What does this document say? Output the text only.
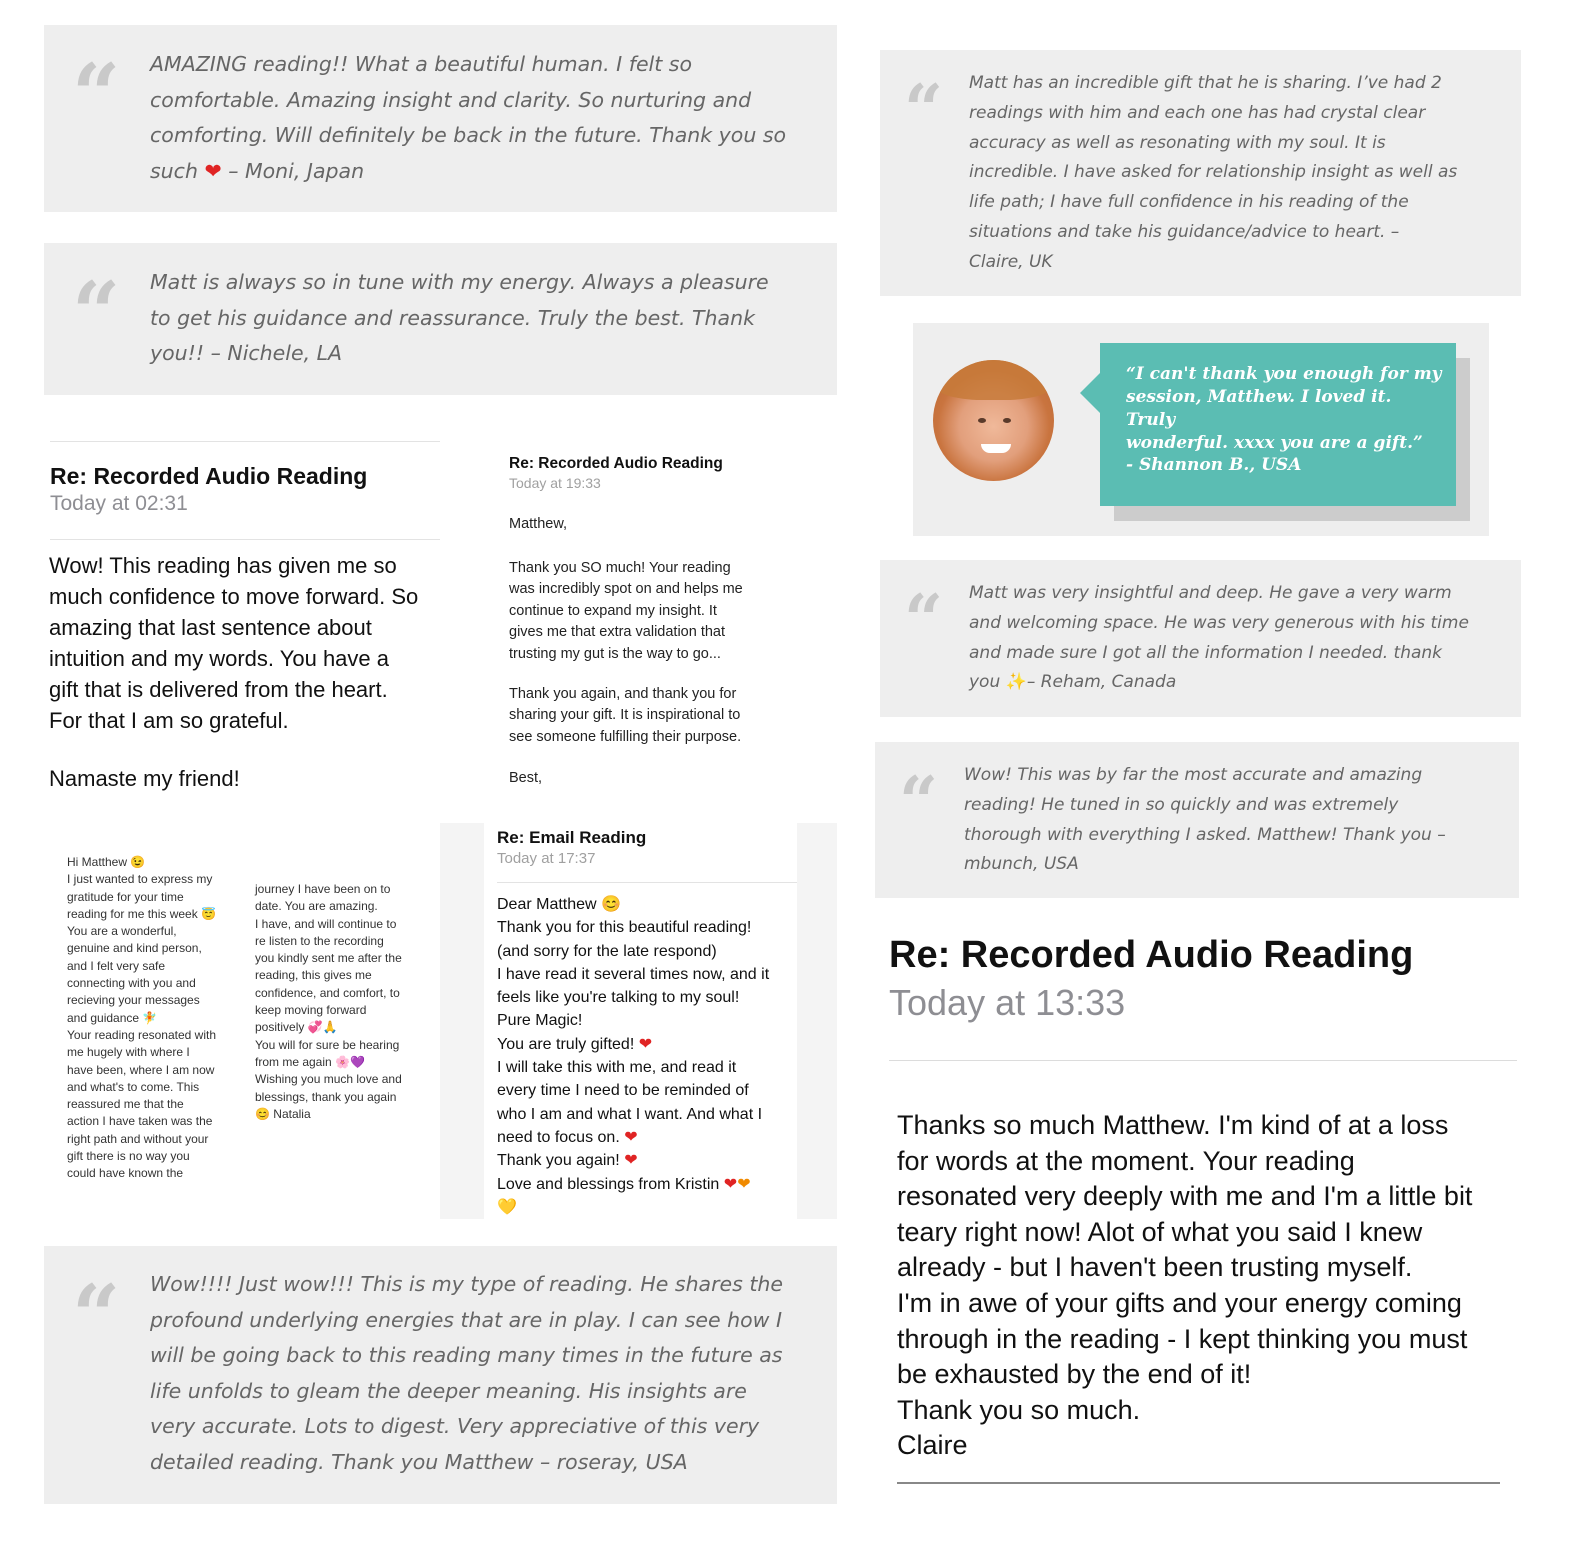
“ AMAZING reading!! What a beautiful human. I felt so
comfortable. Amazing insight and clarity. So nurturing and
comforting. Will definitely be back in the future. Thank you so
such ❤ – Moni, Japan
“ Matt is always so in tune with my energy. Always a pleasure
to get his guidance and reassurance. Truly the best. Thank
you!! – Nichele, LA
“ Matt has an incredible gift that he is sharing. I’ve had 2
readings with him and each one has had crystal clear
accuracy as well as resonating with my soul. It is
incredible. I have asked for relationship insight as well as
life path; I have full confidence in his reading of the
situations and take his guidance/advice to heart. –
Claire, UK
“I can't thank you enough for my
session, Matthew. I loved it. Truly
wonderful. xxxx you are a gift.”
- Shannon B., USA
“ Matt was very insightful and deep. He gave a very warm
and welcoming space. He was very generous with his time
and made sure I got all the information I needed. thank
you ✨– Reham, Canada
“ Wow! This was by far the most accurate and amazing
reading! He tuned in so quickly and was extremely
thorough with everything I asked. Matthew! Thank you –
mbunch, USA
Re: Recorded Audio Reading
Today at 02:31
Wow! This reading has given me so
much confidence to move forward. So
amazing that last sentence about
intuition and my words. You have a
gift that is delivered from the heart.
For that I am so grateful.
Namaste my friend!
Re: Recorded Audio Reading
Today at 19:33
Matthew,
Thank you SO much! Your reading
was incredibly spot on and helps me
continue to expand my insight. It
gives me that extra validation that
trusting my gut is the way to go...
Thank you again, and thank you for
sharing your gift. It is inspirational to
see someone fulfilling their purpose.
Best,
Hi Matthew 😉
I just wanted to express my
gratitude for your time
reading for me this week 😇
You are a wonderful,
genuine and kind person,
and I felt very safe
connecting with you and
recieving your messages
and guidance 🧚
Your reading resonated with
me hugely with where I
have been, where I am now
and what's to come. This
reassured me that the
action I have taken was the
right path and without your
gift there is no way you
could have known the
journey I have been on to
date. You are amazing.
I have, and will continue to
re listen to the recording
you kindly sent me after the
reading, this gives me
confidence, and comfort, to
keep moving forward
positively 💞🙏
You will for sure be hearing
from me again 🌸💜
Wishing you much love and
blessings, thank you again
😊 Natalia
Re: Email Reading
Today at 17:37
Dear Matthew 😊
Thank you for this beautiful reading!
(and sorry for the late respond)
I have read it several times now, and it
feels like you're talking to my soul!
Pure Magic!
You are truly gifted! ❤
I will take this with me, and read it
every time I need to be reminded of
who I am and what I want. And what I
need to focus on. ❤
Thank you again! ❤
Love and blessings from Kristin ❤❤
💛
“ Wow!!!! Just wow!!! This is my type of reading. He shares the
profound underlying energies that are in play. I can see how I
will be going back to this reading many times in the future as
life unfolds to gleam the deeper meaning. His insights are
very accurate. Lots to digest. Very appreciative of this very
detailed reading. Thank you Matthew – roseray, USA
Re: Recorded Audio Reading
Today at 13:33
Thanks so much Matthew. I'm kind of at a loss
for words at the moment. Your reading
resonated very deeply with me and I'm a little bit
teary right now! Alot of what you said I knew
already - but I haven't been trusting myself.
I'm in awe of your gifts and your energy coming
through in the reading - I kept thinking you must
be exhausted by the end of it!
Thank you so much.
Claire
